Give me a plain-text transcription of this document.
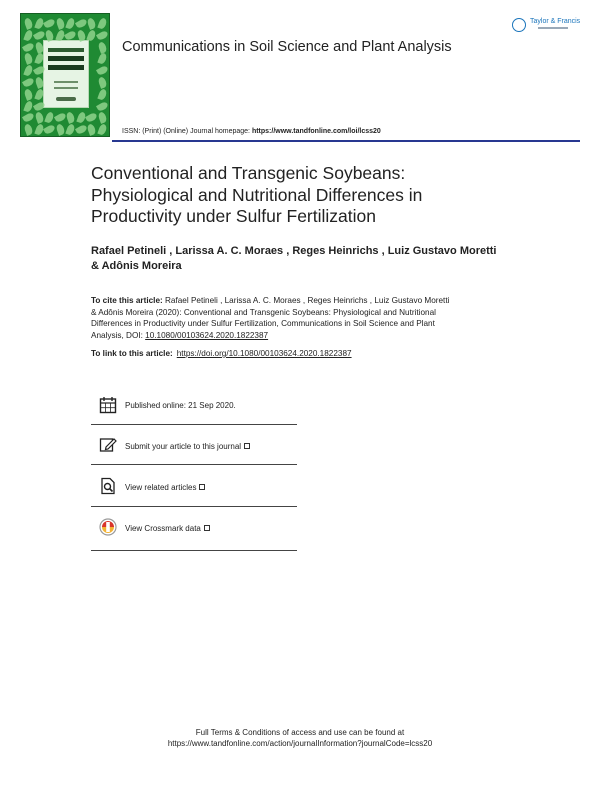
Communications in Soil Science and Plant Analysis
Taylor & Francis
ISSN: (Print) (Online) Journal homepage: https://www.tandfonline.com/loi/lcss20
Conventional and Transgenic Soybeans:
Physiological and Nutritional Differences in
Productivity under Sulfur Fertilization
Rafael Petineli , Larissa A. C. Moraes , Reges Heinrichs , Luiz Gustavo Moretti
& Adônis Moreira
To cite this article: Rafael Petineli , Larissa A. C. Moraes , Reges Heinrichs , Luiz Gustavo Moretti
& Adônis Moreira (2020): Conventional and Transgenic Soybeans: Physiological and Nutritional
Differences in Productivity under Sulfur Fertilization, Communications in Soil Science and Plant
Analysis, DOI: 10.1080/00103624.2020.1822387
To link to this article: https://doi.org/10.1080/00103624.2020.1822387
Published online: 21 Sep 2020.
Submit your article to this journal
View related articles
View Crossmark data
Full Terms & Conditions of access and use can be found at
https://www.tandfonline.com/action/journalInformation?journalCode=lcss20
